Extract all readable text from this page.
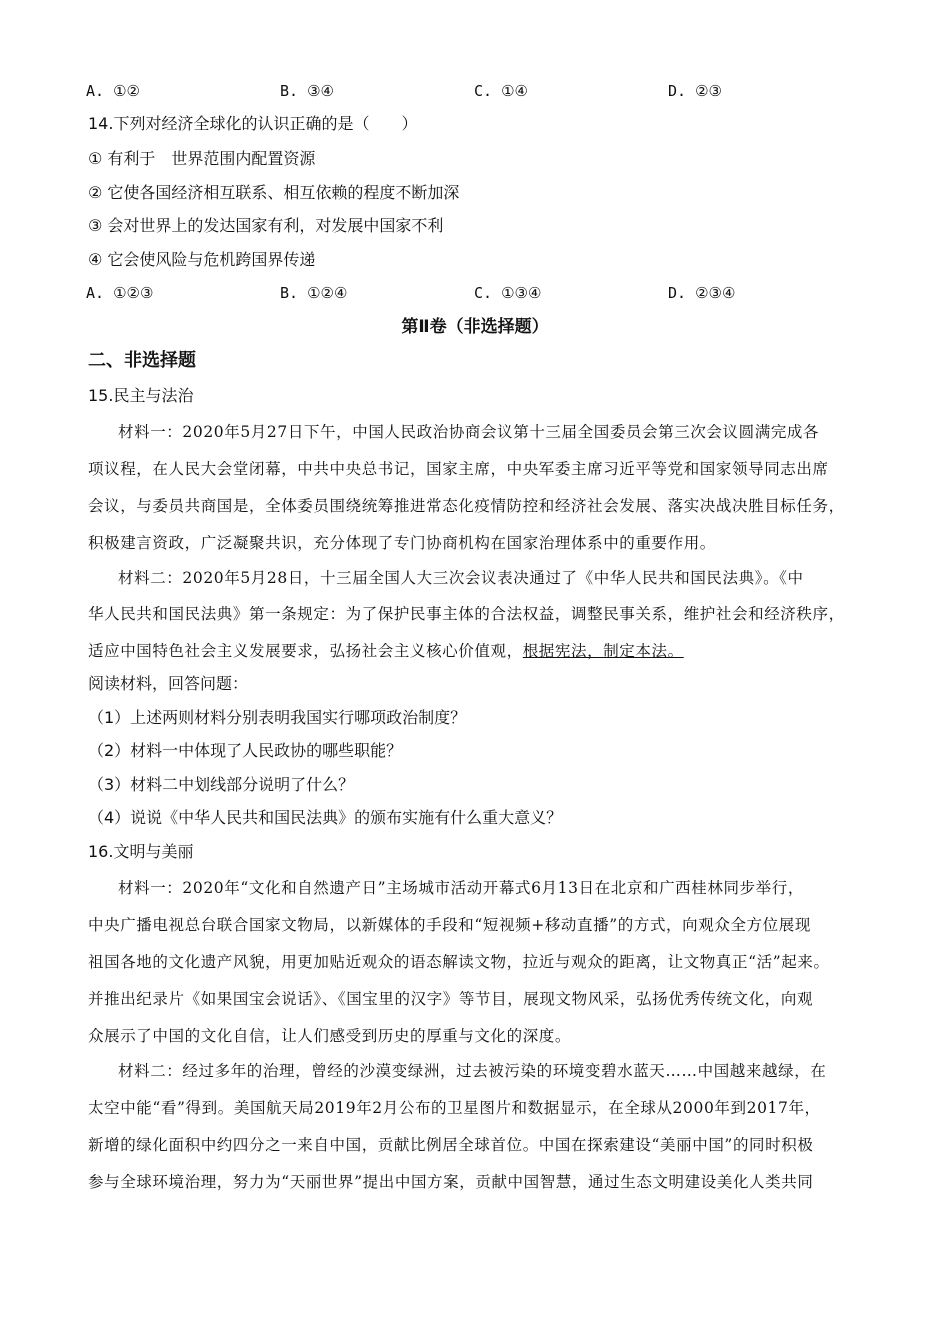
A. ①②	B. ③④	C. ①④	D. ②③
14.下列对经济全球化的认识正确的是（　　）
① 有利于　世界范围内配置资源
② 它使各国经济相互联系、相互依赖的程度不断加深
③ 会对世界上的发达国家有利，对发展中国家不利
④ 它会使风险与危机跨国界传递
A. ①②③	B. ①②④	C. ①③④	D. ②③④
第Ⅱ卷（非选择题）
二、非选择题
15.民主与法治
材料一：2020年5月27日下午，中国人民政治协商会议第十三届全国委员会第三次会议圆满完成各
项议程，在人民大会堂闭幕，中共中央总书记，国家主席，中央军委主席习近平等党和国家领导同志出席
会议，与委员共商国是，全体委员围绕统筹推进常态化疫情防控和经济社会发展、落实决战决胜目标任务，
积极建言资政，广泛凝聚共识，充分体现了专门协商机构在国家治理体系中的重要作用。
材料二：2020年5月28日，十三届全国人大三次会议表决通过了《中华人民共和国民法典》。《中
华人民共和国民法典》第一条规定：为了保护民事主体的合法权益，调整民事关系，维护社会和经济秩序，
适应中国特色社会主义发展要求，弘扬社会主义核心价值观，根据宪法，制定本法。
阅读材料，回答问题：
（1）上述两则材料分别表明我国实行哪项政治制度？
（2）材料一中体现了人民政协的哪些职能？
（3）材料二中划线部分说明了什么？
（4）说说《中华人民共和国民法典》的颁布实施有什么重大意义？
16.文明与美丽
材料一：2020年“文化和自然遗产日”主场城市活动开幕式6月13日在北京和广西桂林同步举行，
中央广播电视总台联合国家文物局，以新媒体的手段和“短视频+移动直播”的方式，向观众全方位展现
祖国各地的文化遗产风貌，用更加贴近观众的语态解读文物，拉近与观众的距离，让文物真正“活”起来。
并推出纪录片《如果国宝会说话》、《国宝里的汉字》等节目，展现文物风采，弘扬优秀传统文化，向观
众展示了中国的文化自信，让人们感受到历史的厚重与文化的深度。
材料二：经过多年的治理，曾经的沙漠变绿洲，过去被污染的环境变碧水蓝天……中国越来越绿，在
太空中能“看”得到。美国航天局2019年2月公布的卫星图片和数据显示，在全球从2000年到2017年，
新增的绿化面积中约四分之一来自中国，贡献比例居全球首位。中国在探索建设“美丽中国”的同时积极
参与全球环境治理，努力为“天丽世界”提出中国方案，贡献中国智慧，通过生态文明建设美化人类共同
